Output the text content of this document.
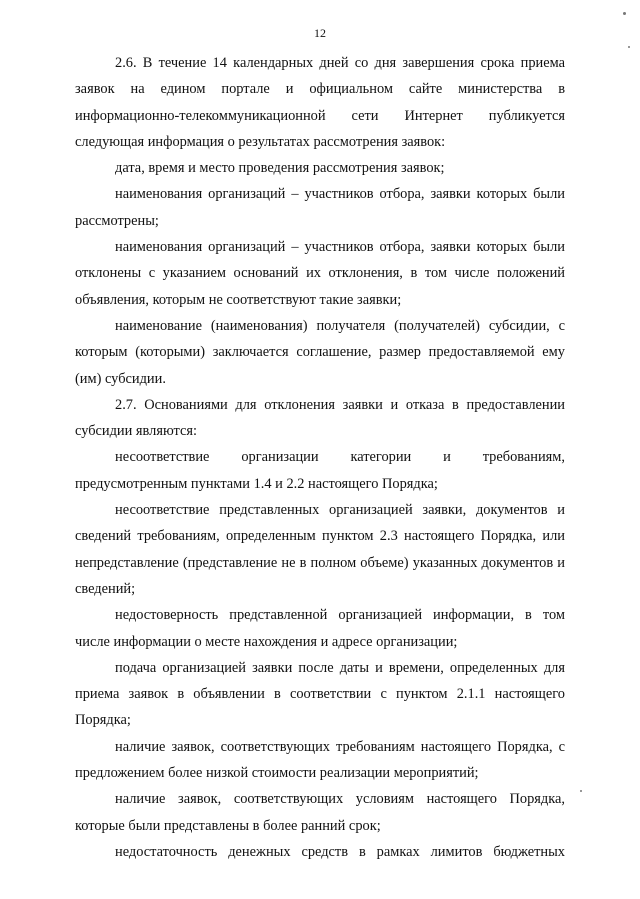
12

2.6. В течение 14 календарных дней со дня завершения срока приема заявок на едином портале и официальном сайте министерства в информационно-телекоммуникационной сети Интернет публикуется следующая информация о результатах рассмотрения заявок:

дата, время и место проведения рассмотрения заявок;

наименования организаций – участников отбора, заявки которых были рассмотрены;

наименования организаций – участников отбора, заявки которых были отклонены с указанием оснований их отклонения, в том числе положений объявления, которым не соответствуют такие заявки;

наименование (наименования) получателя (получателей) субсидии, с которым (которыми) заключается соглашение, размер предоставляемой ему (им) субсидии.

2.7. Основаниями для отклонения заявки и отказа в предоставлении субсидии являются:

несоответствие организации категории и требованиям, предусмотренным пунктами 1.4 и 2.2 настоящего Порядка;

несоответствие представленных организацией заявки, документов и сведений требованиям, определенным пунктом 2.3 настоящего Порядка, или непредставление (представление не в полном объеме) указанных документов и сведений;

недостоверность представленной организацией информации, в том числе информации о месте нахождения и адресе организации;

подача организацией заявки после даты и времени, определенных для приема заявок в объявлении в соответствии с пунктом 2.1.1 настоящего Порядка;

наличие заявок, соответствующих требованиям настоящего Порядка, с предложением более низкой стоимости реализации мероприятий;

наличие заявок, соответствующих условиям настоящего Порядка, которые были представлены в более ранний срок;

недостаточность денежных средств в рамках лимитов бюджетных
